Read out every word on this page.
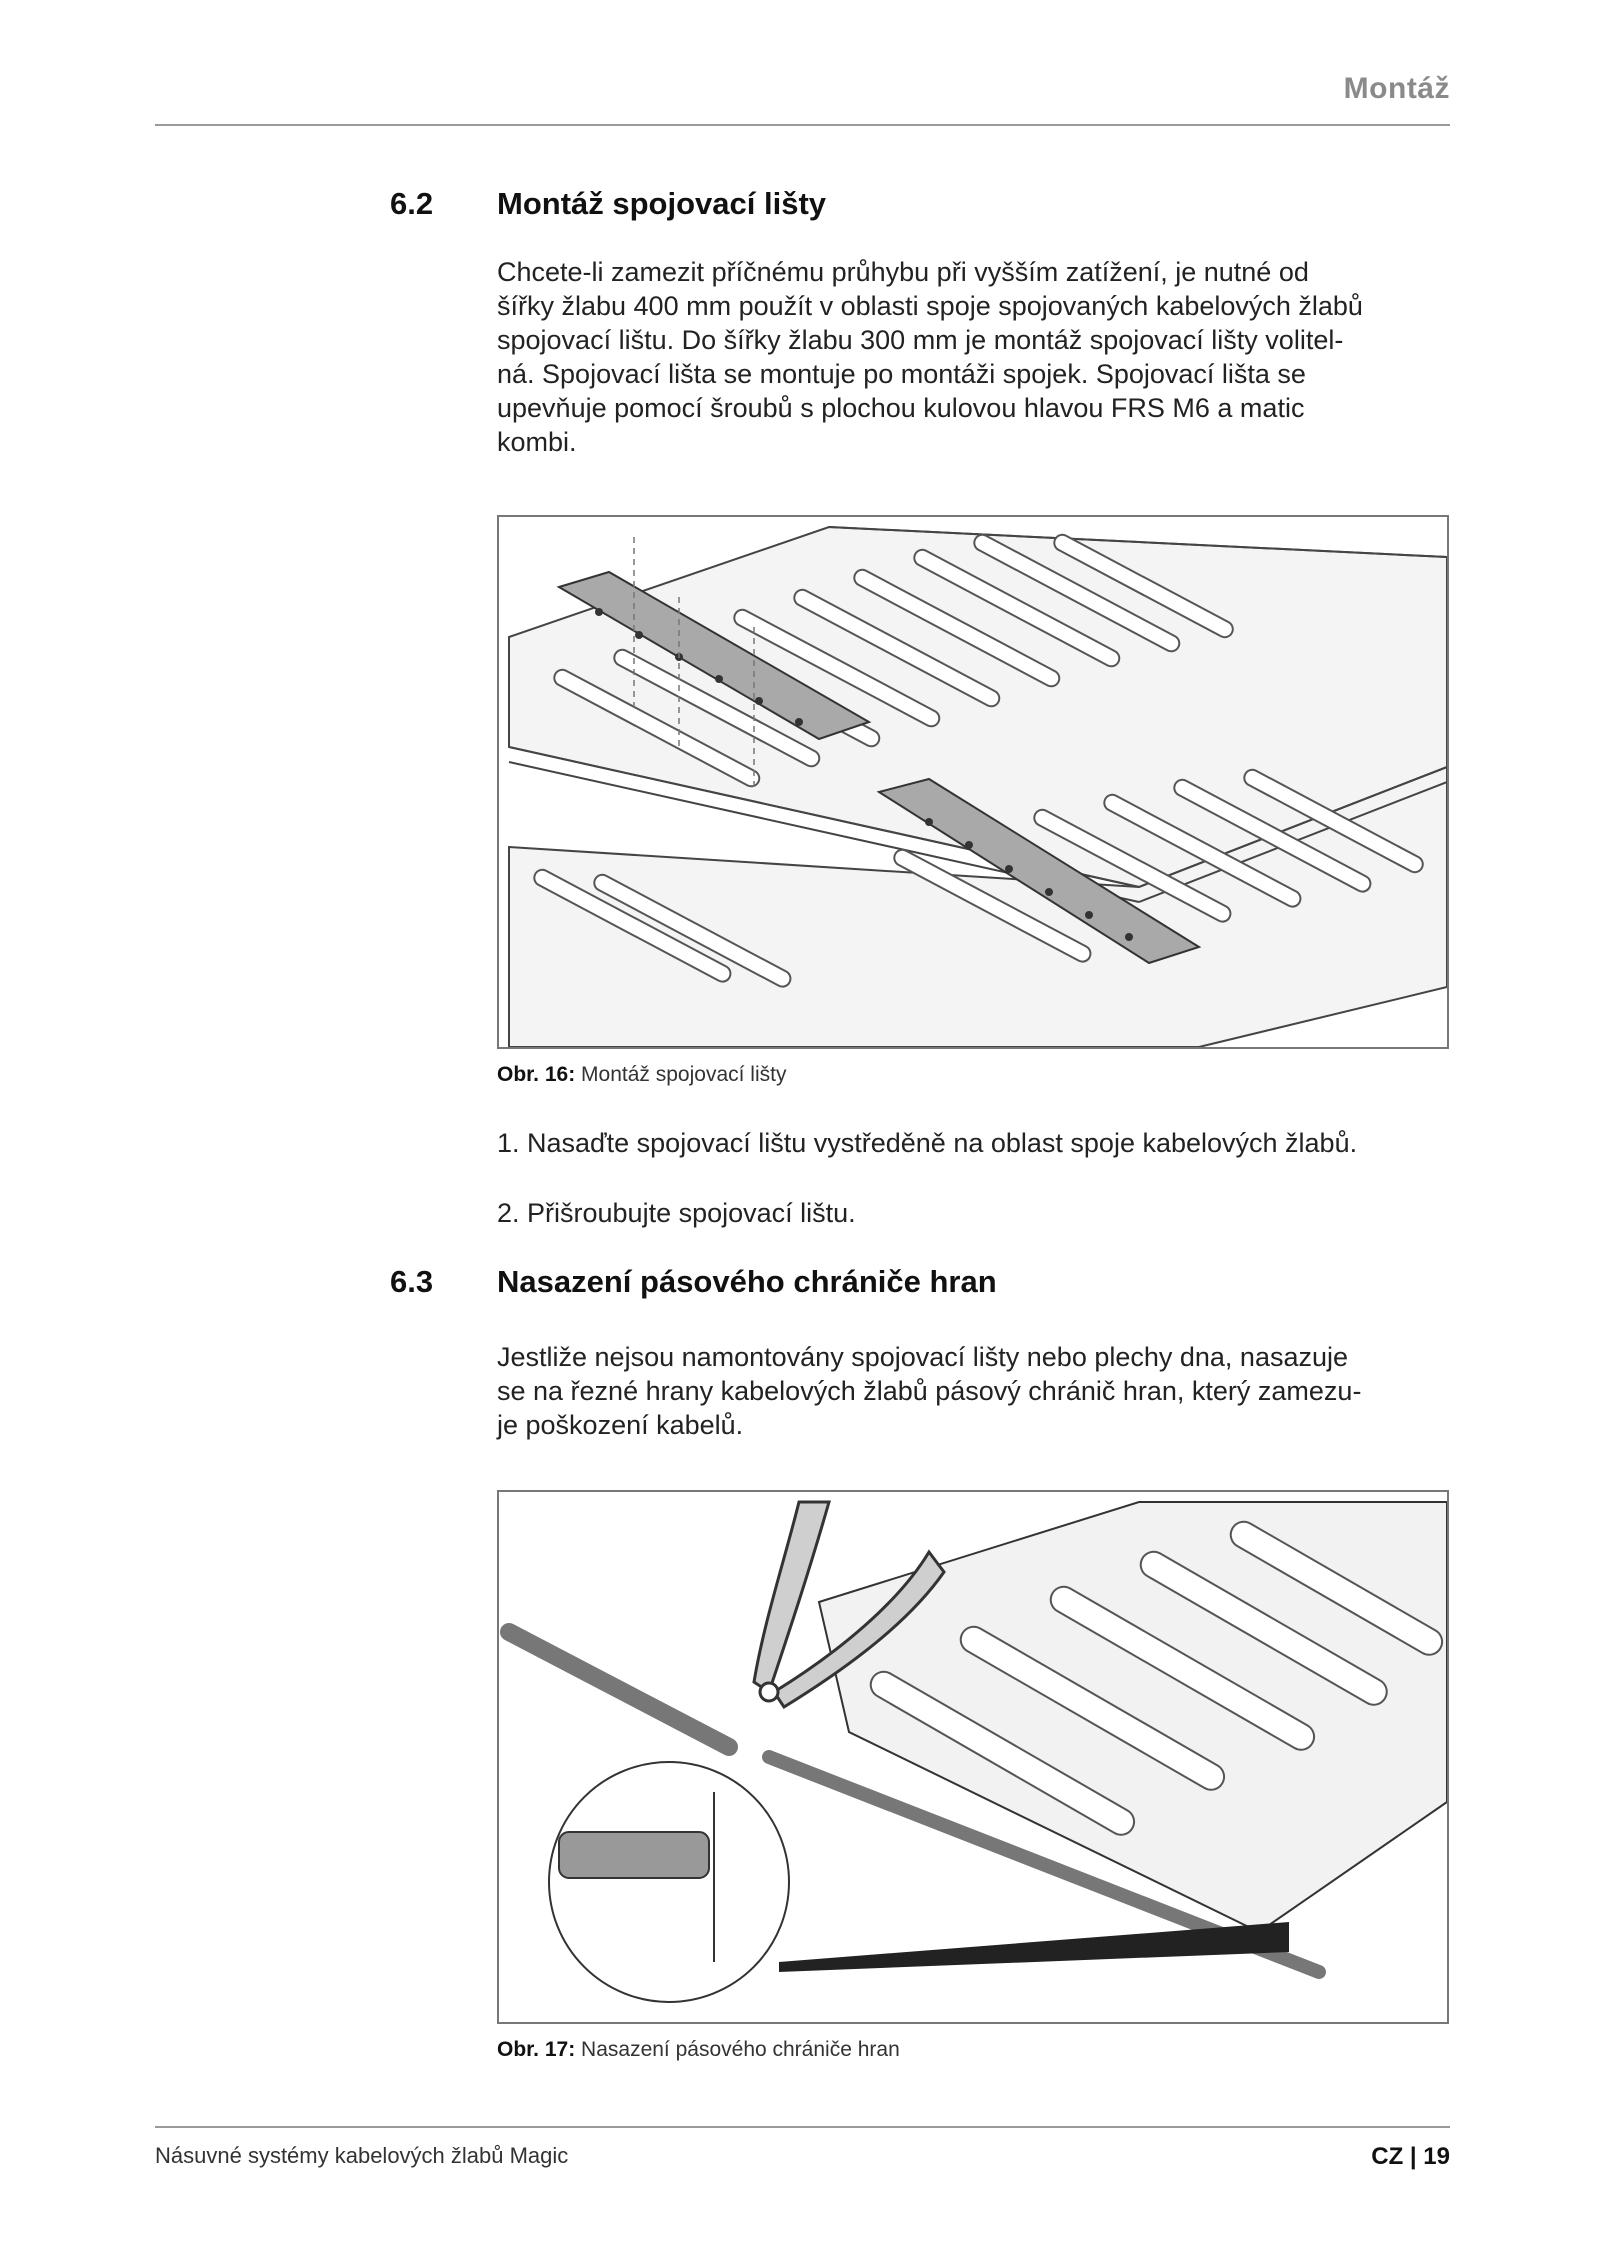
Montáž
6.2 Montáž spojovací lišty
Chcete-li zamezit příčnému průhybu při vyšším zatížení, je nutné od
šířky žlabu 400 mm použít v oblasti spoje spojovaných kabelových žlabů
spojovací lištu. Do šířky žlabu 300 mm je montáž spojovací lišty volitel-
ná. Spojovací lišta se montuje po montáži spojek. Spojovací lišta se
upevňuje pomocí šroubů s plochou kulovou hlavou FRS M6 a matic
kombi.
Obr. 16: Montáž spojovací lišty
1. Nasaďte spojovací lištu vystředěně na oblast spoje kabelových žlabů.
2. Přišroubujte spojovací lištu.
6.3 Nasazení pásového chrániče hran
Jestliže nejsou namontovány spojovací lišty nebo plechy dna, nasazuje
se na řezné hrany kabelových žlabů pásový chránič hran, který zamezu-
je poškození kabelů.
Obr. 17: Nasazení pásového chrániče hran
Násuvné systémy kabelových žlabů Magic	CZ | 19
